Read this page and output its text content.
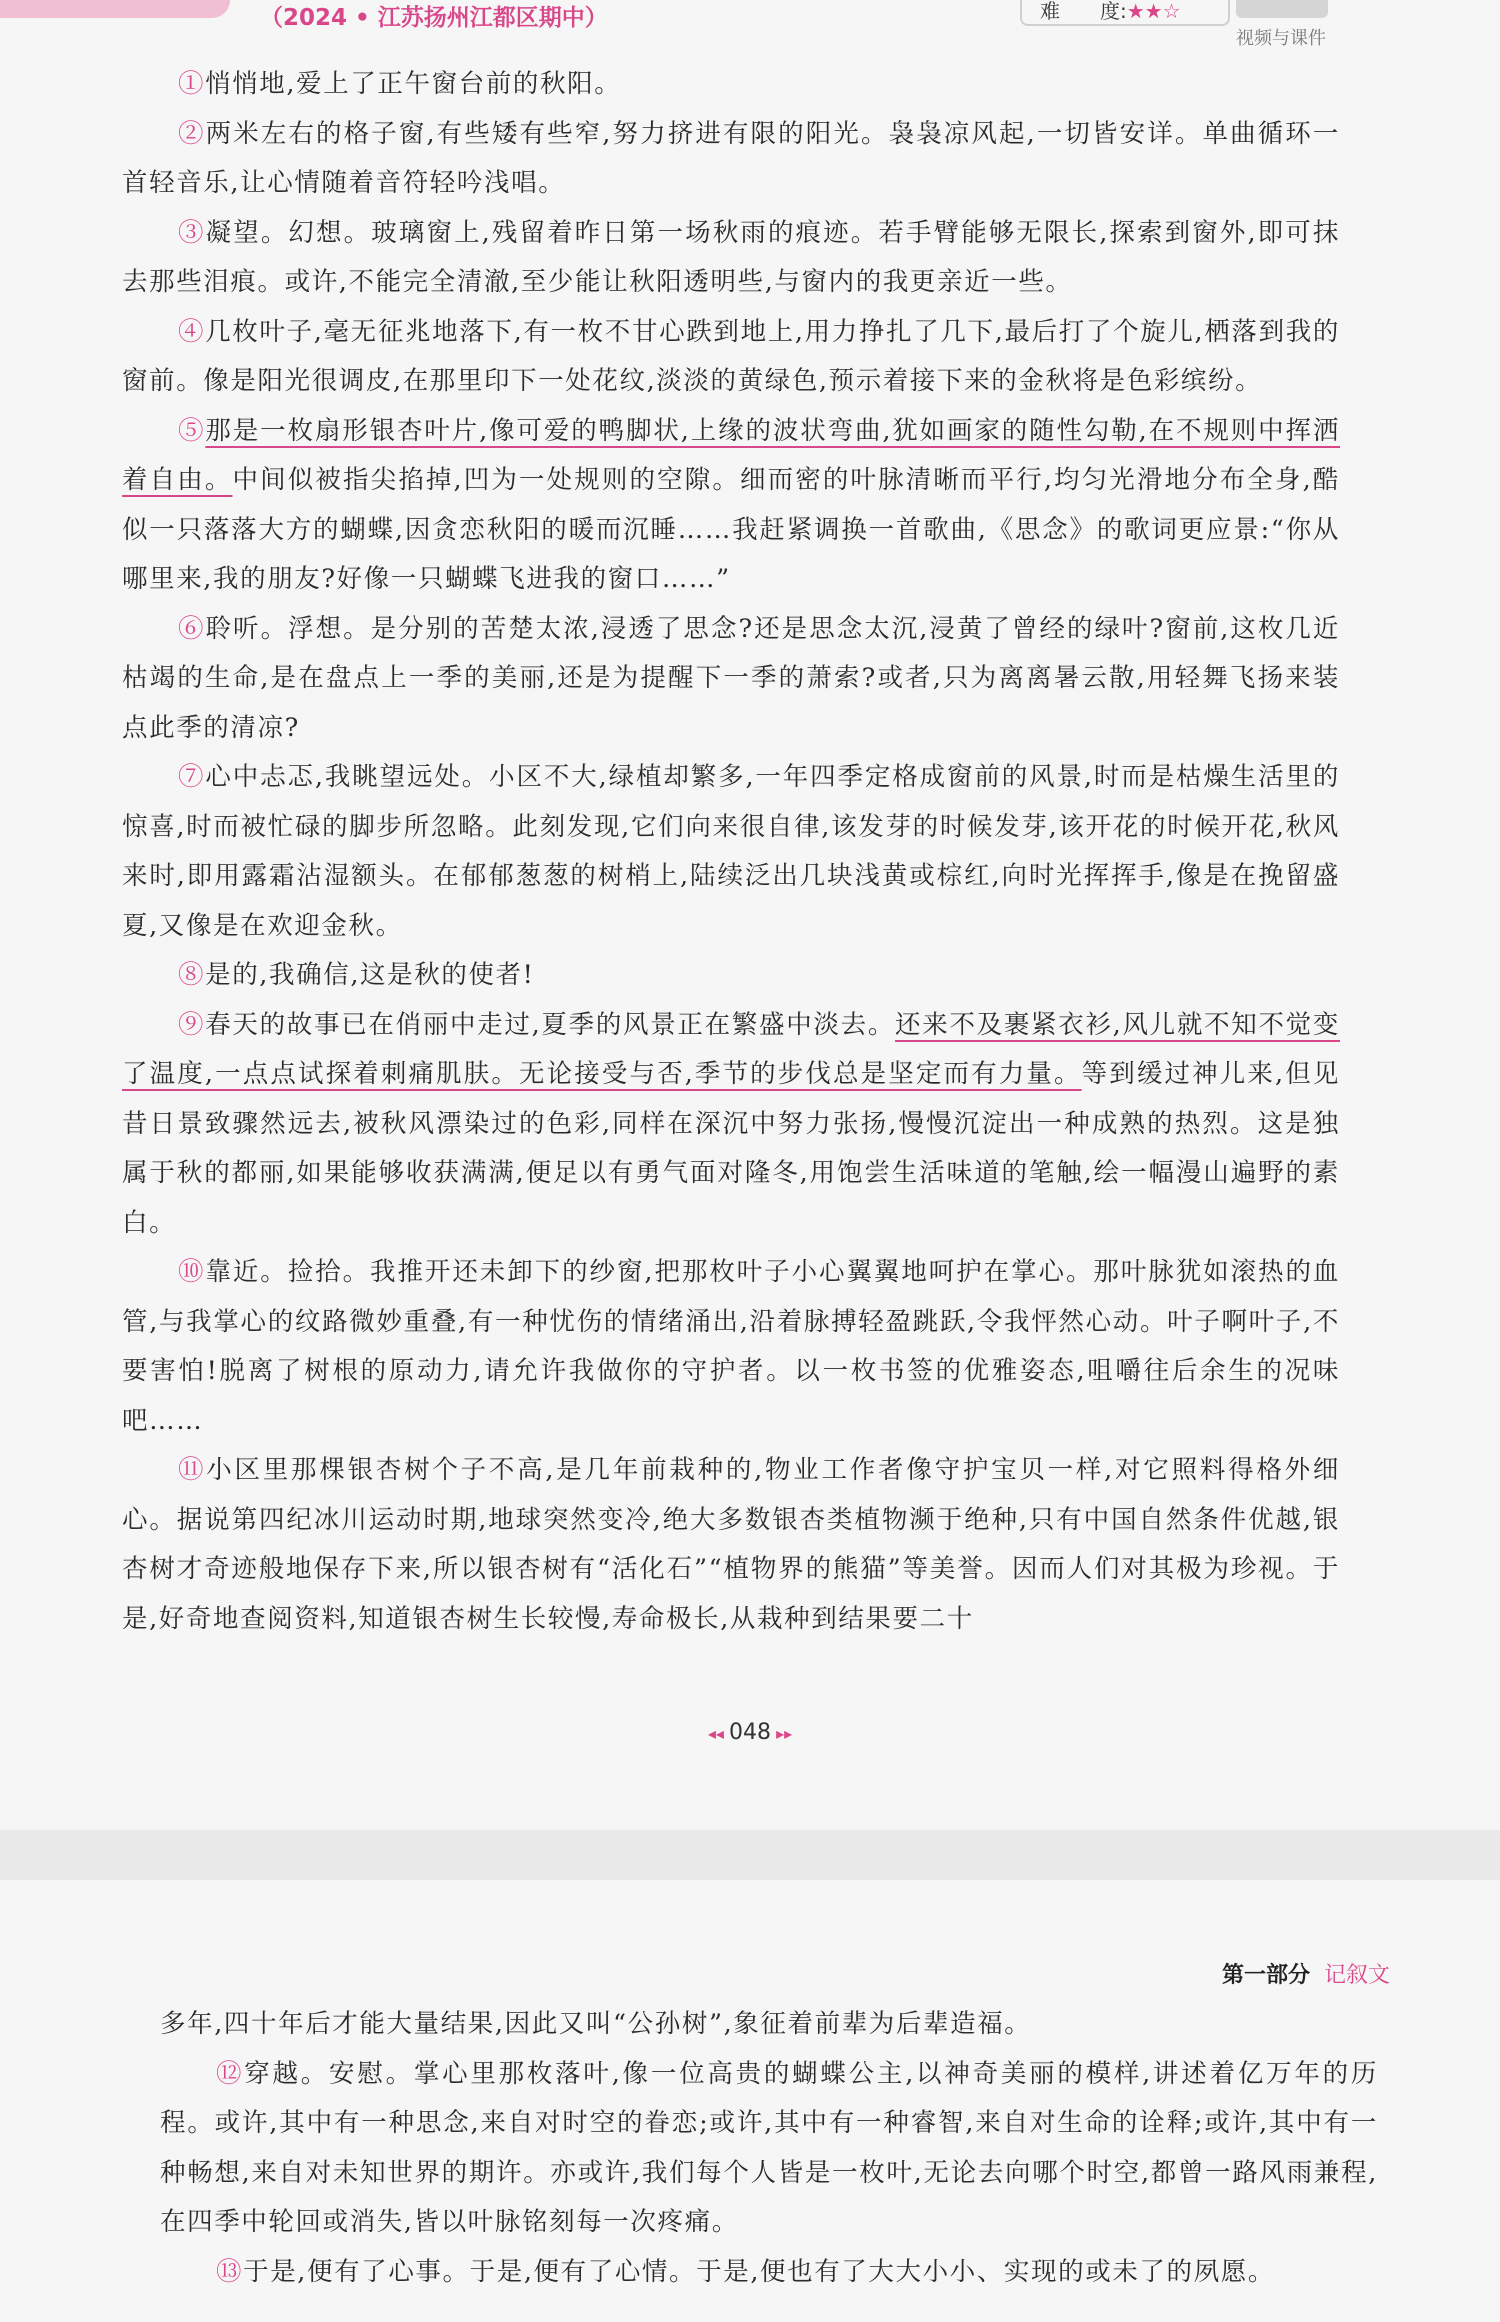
（2024 • 江苏扬州江都区期中）	难　　度:★★☆
视频与课件

①悄悄地,爱上了正午窗台前的秋阳。

②两米左右的格子窗,有些矮有些窄,努力挤进有限的阳光。袅袅凉风起,一切皆安详。单曲循环一首轻音乐,让心情随着音符轻吟浅唱。

③凝望。幻想。玻璃窗上,残留着昨日第一场秋雨的痕迹。若手臂能够无限长,探索到窗外,即可抹去那些泪痕。或许,不能完全清澈,至少能让秋阳透明些,与窗内的我更亲近一些。

④几枚叶子,毫无征兆地落下,有一枚不甘心跌到地上,用力挣扎了几下,最后打了个旋儿,栖落到我的窗前。像是阳光很调皮,在那里印下一处花纹,淡淡的黄绿色,预示着接下来的金秋将是色彩缤纷。

⑤那是一枚扇形银杏叶片,像可爱的鸭脚状,上缘的波状弯曲,犹如画家的随性勾勒,在不规则中挥洒着自由。中间似被指尖掐掉,凹为一处规则的空隙。细而密的叶脉清晰而平行,均匀光滑地分布全身,酷似一只落落大方的蝴蝶,因贪恋秋阳的暖而沉睡……我赶紧调换一首歌曲,《思念》的歌词更应景:“你从哪里来,我的朋友?好像一只蝴蝶飞进我的窗口……”

⑥聆听。浮想。是分别的苦楚太浓,浸透了思念?还是思念太沉,浸黄了曾经的绿叶?窗前,这枚几近枯竭的生命,是在盘点上一季的美丽,还是为提醒下一季的萧索?或者,只为离离暑云散,用轻舞飞扬来装点此季的清凉?

⑦心中忐忑,我眺望远处。小区不大,绿植却繁多,一年四季定格成窗前的风景,时而是枯燥生活里的惊喜,时而被忙碌的脚步所忽略。此刻发现,它们向来很自律,该发芽的时候发芽,该开花的时候开花,秋风来时,即用露霜沾湿额头。在郁郁葱葱的树梢上,陆续泛出几块浅黄或棕红,向时光挥挥手,像是在挽留盛夏,又像是在欢迎金秋。

⑧是的,我确信,这是秋的使者!

⑨春天的故事已在俏丽中走过,夏季的风景正在繁盛中淡去。还来不及裹紧衣衫,风儿就不知不觉变了温度,一点点试探着刺痛肌肤。无论接受与否,季节的步伐总是坚定而有力量。等到缓过神儿来,但见昔日景致骤然远去,被秋风漂染过的色彩,同样在深沉中努力张扬,慢慢沉淀出一种成熟的热烈。这是独属于秋的都丽,如果能够收获满满,便足以有勇气面对隆冬,用饱尝生活味道的笔触,绘一幅漫山遍野的素白。

⑩靠近。捡拾。我推开还未卸下的纱窗,把那枚叶子小心翼翼地呵护在掌心。那叶脉犹如滚热的血管,与我掌心的纹路微妙重叠,有一种忧伤的情绪涌出,沿着脉搏轻盈跳跃,令我怦然心动。叶子啊叶子,不要害怕!脱离了树根的原动力,请允许我做你的守护者。以一枚书签的优雅姿态,咀嚼往后余生的况味吧……

⑪小区里那棵银杏树个子不高,是几年前栽种的,物业工作者像守护宝贝一样,对它照料得格外细心。据说第四纪冰川运动时期,地球突然变冷,绝大多数银杏类植物濒于绝种,只有中国自然条件优越,银杏树才奇迹般地保存下来,所以银杏树有“活化石”“植物界的熊猫”等美誉。因而人们对其极为珍视。于是,好奇地查阅资料,知道银杏树生长较慢,寿命极长,从栽种到结果要二十

◂◂ 048 ▸▸
第一部分 记叙文

多年,四十年后才能大量结果,因此又叫“公孙树”,象征着前辈为后辈造福。

⑫穿越。安慰。掌心里那枚落叶,像一位高贵的蝴蝶公主,以神奇美丽的模样,讲述着亿万年的历程。或许,其中有一种思念,来自对时空的眷恋;或许,其中有一种睿智,来自对生命的诠释;或许,其中有一种畅想,来自对未知世界的期许。亦或许,我们每个人皆是一枚叶,无论去向哪个时空,都曾一路风雨兼程,在四季中轮回或消失,皆以叶脉铭刻每一次疼痛。

⑬于是,便有了心事。于是,便有了心情。于是,便也有了大大小小、实现的或未了的夙愿。
